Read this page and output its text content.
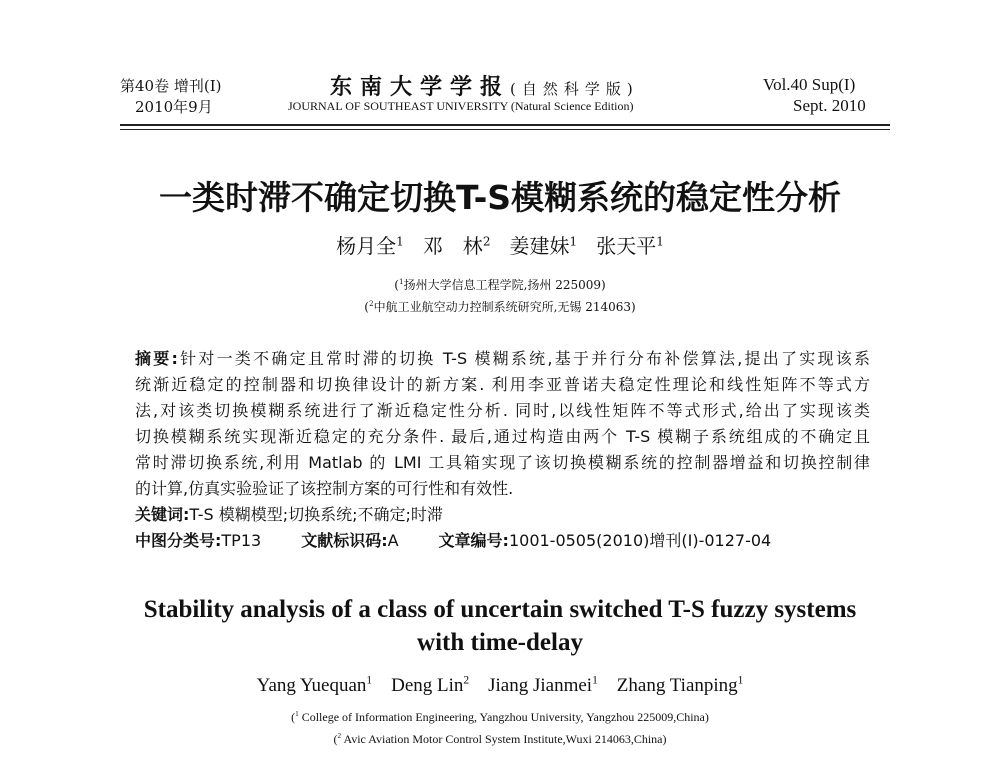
第40卷 增刊(I)
2010年9月
东南大学学报(自然科学版)
JOURNAL OF SOUTHEAST UNIVERSITY (Natural Science Edition)
Vol.40 Sup(I)
Sept. 2010
一类时滞不确定切换T-S模糊系统的稳定性分析
杨月全$^1$ 邓　林$^2$ 姜建妹$^1$ 张天平$^1$
($^1$扬州大学信息工程学院,扬州 225009)
($^2$中航工业航空动力控制系统研究所,无锡 214063)
摘要:针对一类不确定且常时滞的切换 T-S 模糊系统,基于并行分布补偿算法,提出了实现该系
统渐近稳定的控制器和切换律设计的新方案. 利用李亚普诺夫稳定性理论和线性矩阵不等式方
法,对该类切换模糊系统进行了渐近稳定性分析. 同时,以线性矩阵不等式形式,给出了实现该类
切换模糊系统实现渐近稳定的充分条件. 最后,通过构造由两个 T-S 模糊子系统组成的不确定且
常时滞切换系统,利用 Matlab 的 LMI 工具箱实现了该切换模糊系统的控制器增益和切换控制律
的计算,仿真实验验证了该控制方案的可行性和有效性.
关键词:T-S 模糊模型;切换系统;不确定;时滞
中图分类号:TP13	文献标识码:A	文章编号:1001-0505(2010)增刊(I)-0127-04
Stability analysis of a class of uncertain switched T-S fuzzy systems
with time-delay
Yang Yuequan$^1$ Deng Lin$^2$ Jiang Jianmei$^1$ Zhang Tianping$^1$
($^1$ College of Information Engineering, Yangzhou University, Yangzhou 225009,China)
($^2$ Avic Aviation Motor Control System Institute,Wuxi 214063,China)
